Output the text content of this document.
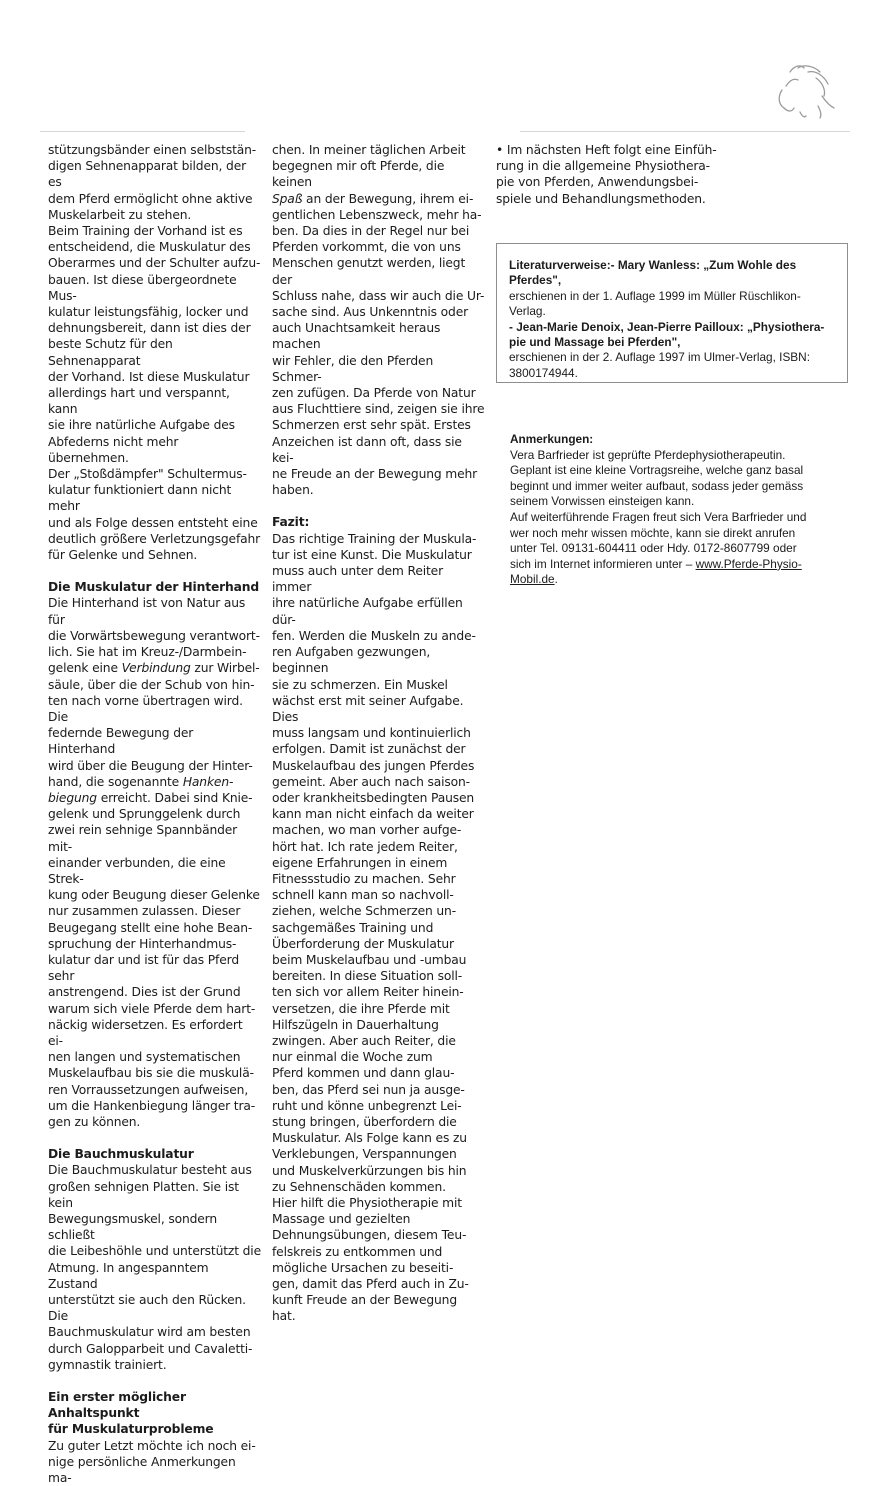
stützungsbänder einen selbststän-
digen Sehnenapparat bilden, der es
dem Pferd ermöglicht ohne aktive
Muskelarbeit zu stehen.
Beim Training der Vorhand ist es
entscheidend, die Muskulatur des
Oberarmes und der Schulter aufzu-
bauen. Ist diese übergeordnete Mus-
kulatur leistungsfähig, locker und
dehnungsbereit, dann ist dies der
beste Schutz für den Sehnenapparat
der Vorhand. Ist diese Muskulatur
allerdings hart und verspannt, kann
sie ihre natürliche Aufgabe des
Abfederns nicht mehr übernehmen.
Der „Stoßdämpfer" Schultermus-
kulatur funktioniert dann nicht mehr
und als Folge dessen entsteht eine
deutlich größere Verletzungsgefahr
für Gelenke und Sehnen.

Die Muskulatur der Hinterhand

Die Hinterhand ist von Natur aus für
die Vorwärtsbewegung verantwort-
lich. Sie hat im Kreuz-/Darmbein-
gelenk eine Verbindung zur Wirbel-
säule, über die der Schub von hin-
ten nach vorne übertragen wird. Die
federnde Bewegung der Hinterhand
wird über die Beugung der Hinter-
hand, die sogenannte Hanken-
biegung erreicht. Dabei sind Knie-
gelenk und Sprunggelenk durch
zwei rein sehnige Spannbänder mit-
einander verbunden, die eine Strek-
kung oder Beugung dieser Gelenke
nur zusammen zulassen. Dieser
Beugegang stellt eine hohe Bean-
spruchung der Hinterhandmus-
kulatur dar und ist für das Pferd sehr
anstrengend. Dies ist der Grund
warum sich viele Pferde dem hart-
näckig widersetzen. Es erfordert ei-
nen langen und systematischen
Muskelaufbau bis sie die muskulä-
ren Vorraussetzungen aufweisen,
um die Hankenbiegung länger tra-
gen zu können.

Die Bauchmuskulatur

Die Bauchmuskulatur besteht aus
großen sehnigen Platten. Sie ist kein
Bewegungsmuskel, sondern schließt
die Leibeshöhle und unterstützt die
Atmung. In angespanntem Zustand
unterstützt sie auch den Rücken. Die
Bauchmuskulatur wird am besten
durch Galopparbeit und Cavaletti-
gymnastik trainiert.

Ein erster möglicher Anhaltspunkt
für Muskulaturprobleme

Zu guter Letzt möchte ich noch ei-
nige persönliche Anmerkungen ma-

chen. In meiner täglichen Arbeit
begegnen mir oft Pferde, die keinen
Spaß an der Bewegung, ihrem ei-
gentlichen Lebenszweck, mehr ha-
ben. Da dies in der Regel nur bei
Pferden vorkommt, die von uns
Menschen genutzt werden, liegt der
Schluss nahe, dass wir auch die Ur-
sache sind. Aus Unkenntnis oder
auch Unachtsamkeit heraus machen
wir Fehler, die den Pferden Schmer-
zen zufügen. Da Pferde von Natur
aus Fluchttiere sind, zeigen sie ihre
Schmerzen erst sehr spät. Erstes
Anzeichen ist dann oft, dass sie kei-
ne Freude an der Bewegung mehr
haben.

Fazit:

Das richtige Training der Muskula-
tur ist eine Kunst. Die Muskulatur
muss auch unter dem Reiter immer
ihre natürliche Aufgabe erfüllen dür-
fen. Werden die Muskeln zu ande-
ren Aufgaben gezwungen, beginnen
sie zu schmerzen. Ein Muskel
wächst erst mit seiner Aufgabe. Dies
muss langsam und kontinuierlich
erfolgen. Damit ist zunächst der
Muskelaufbau des jungen Pferdes
gemeint. Aber auch nach saison-
oder krankheitsbedingten Pausen
kann man nicht einfach da weiter
machen, wo man vorher aufge-
hört hat. Ich rate jedem Reiter,
eigene Erfahrungen in einem
Fitnessstudio zu machen. Sehr
schnell kann man so nachvoll-
ziehen, welche Schmerzen un-
sachgemäßes Training und
Überforderung der Muskulatur
beim Muskelaufbau und -umbau
bereiten. In diese Situation soll-
ten sich vor allem Reiter hinein-
versetzen, die ihre Pferde mit
Hilfszügeln in Dauerhaltung
zwingen. Aber auch Reiter, die
nur einmal die Woche zum
Pferd kommen und dann glau-
ben, das Pferd sei nun ja ausge-
ruht und könne unbegrenzt Lei-
stung bringen, überfordern die
Muskulatur. Als Folge kann es zu
Verklebungen, Verspannungen
und Muskelverkürzungen bis hin
zu Sehnenschäden kommen.
Hier hilft die Physiotherapie mit
Massage und gezielten
Dehnungsübungen, diesem Teu-
felskreis zu entkommen und
mögliche Ursachen zu beseiti-
gen, damit das Pferd auch in Zu-
kunft Freude an der Bewegung
hat.

• Im nächsten Heft folgt eine Einfüh-
rung in die allgemeine Physiothera-
pie von Pferden, Anwendungsbei-
spiele und Behandlungsmethoden.

Literaturverweise:- Mary Wanless: „Zum Wohle des
Pferdes",

erschienen in der 1. Auflage 1999 im Müller Rüschlikon-
Verlag.

- Jean-Marie Denoix, Jean-Pierre Pailloux: „Physiothera-
pie und Massage bei Pferden",

erschienen in der 2. Auflage 1997 im Ulmer-Verlag, ISBN:
3800174944.

Anmerkungen:

Vera Barfrieder ist geprüfte Pferdephysiotherapeutin.
Geplant ist eine kleine Vortragsreihe, welche ganz basal
beginnt und immer weiter aufbaut, sodass jeder gemäss
seinem Vorwissen einsteigen kann.
Auf weiterführende Fragen freut sich Vera Barfrieder und
wer noch mehr wissen möchte, kann sie direkt anrufen
unter Tel. 09131-604411 oder Hdy. 0172-8607799 oder
sich im Internet informieren unter – www.Pferde-Physio-
Mobil.de.
